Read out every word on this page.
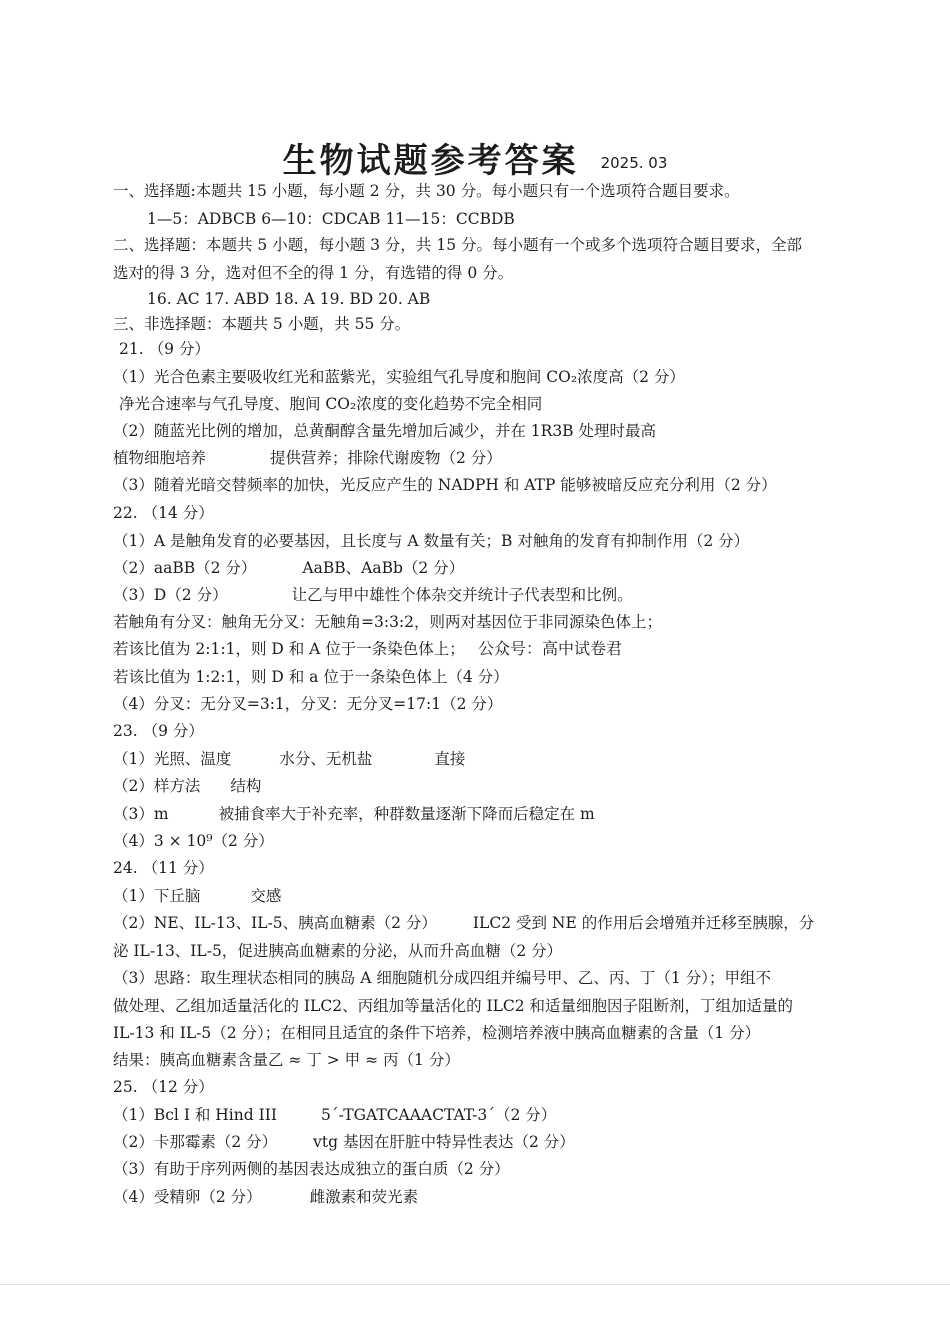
生物试题参考答案 2025. 03
一、选择题:本题共 15 小题，每小题 2 分，共 30 分。每小题只有一个选项符合题目要求。
1—5：ADBCB 6—10：CDCAB 11—15：CCBDB
二、选择题：本题共 5 小题，每小题 3 分，共 15 分。每小题有一个或多个选项符合题目要求，全部
选对的得 3 分，选对但不全的得 1 分，有选错的得 0 分。
16. AC 17. ABD 18. A 19. BD 20. AB
三、非选择题：本题共 5 小题，共 55 分。
21. （9 分）
（1）光合色素主要吸收红光和蓝紫光，实验组气孔导度和胞间 CO₂浓度高（2 分）
净光合速率与气孔导度、胞间 CO₂浓度的变化趋势不完全相同
（2）随蓝光比例的增加，总黄酮醇含量先增加后减少，并在 1R3B 处理时最高
植物细胞培养	提供营养；排除代谢废物（2 分）
（3）随着光暗交替频率的加快，光反应产生的 NADPH 和 ATP 能够被暗反应充分利用（2 分）
22. （14 分）
（1）A 是触角发育的必要基因，且长度与 A 数量有关；B 对触角的发育有抑制作用（2 分）
（2）aaBB（2 分）	AaBB、AaBb（2 分）
（3）D（2 分）	让乙与甲中雄性个体杂交并统计子代表型和比例。
若触角有分叉：触角无分叉：无触角=3:3:2，则两对基因位于非同源染色体上；
若该比值为 2:1:1，则 D 和 A 位于一条染色体上；
若该比值为 1:2:1，则 D 和 a 位于一条染色体上（4 分）
（4）分叉：无分叉=3:1，分叉：无分叉=17:1（2 分）
公众号：高中试卷君
23. （9 分）
（1）光照、温度	水分、无机盐	直接
（2）样方法 结构
（3）m	被捕食率大于补充率，种群数量逐渐下降而后稳定在 m
（4）3 × 10⁹（2 分）
24. （11 分）
（1）下丘脑	交感
（2）NE、IL-13、IL-5、胰高血糖素（2 分） ILC2 受到 NE 的作用后会增殖并迁移至胰腺，分
泌 IL-13、IL-5，促进胰高血糖素的分泌，从而升高血糖（2 分）
（3）思路：取生理状态相同的胰岛 A 细胞随机分成四组并编号甲、乙、丙、丁（1 分）；甲组不
做处理、乙组加适量活化的 ILC2、丙组加等量活化的 ILC2 和适量细胞因子阻断剂，丁组加适量的
IL-13 和 IL-5（2 分）；在相同且适宜的条件下培养，检测培养液中胰高血糖素的含量（1 分）
结果：胰高血糖素含量乙 ≈ 丁 > 甲 ≈ 丙（1 分）
25. （12 分）
（1）Bcl I 和 Hind III	5´-TGATCAAACTAT-3´（2 分）
（2）卡那霉素（2 分） vtg 基因在肝脏中特异性表达（2 分）
（3）有助于序列两侧的基因表达成独立的蛋白质（2 分）
（4）受精卵（2 分）	雌激素和荧光素
